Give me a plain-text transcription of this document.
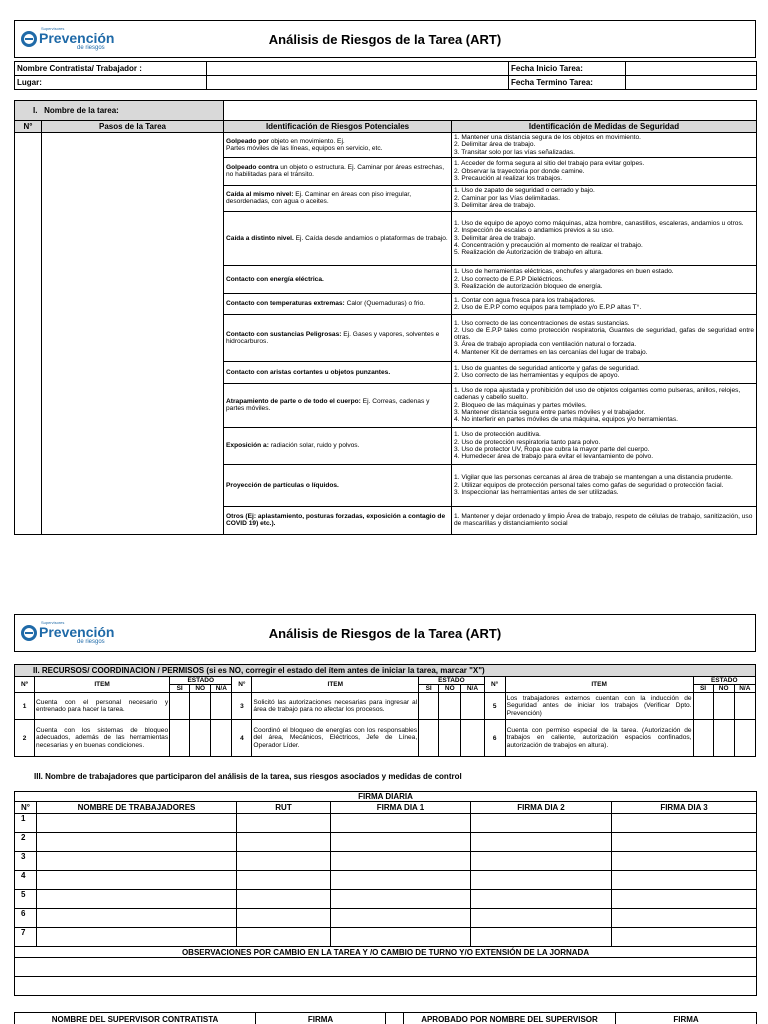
Supervisores
Prevención
de riesgos
Análisis de Riesgos de la Tarea (ART)
Nombre Contratista/ Trabajador :		Fecha Inicio Tarea:	
Lugar:		Fecha Termino Tarea:	
I. Nombre de la tarea:			
N°	Pasos de la Tarea	Identificación de Riesgos Potenciales	Identificación de Medidas de Seguridad
		Golpeado por objeto en movimiento. Ej.
Partes móviles de las líneas, equipos en servicio, etc.	1. Mantener una distancia segura de los objetos en movimiento.
2. Delimitar área de trabajo.
3. Transitar solo por las vías señalizadas.
		Golpeado contra un objeto o estructura. Ej. Caminar por áreas estrechas, no habilitadas para el tránsito.	1. Acceder de forma segura al sitio del trabajo para evitar golpes.
2. Observar la trayectoria por donde camine.
3. Precaución al realizar los trabajos.
		Caída al mismo nivel: Ej. Caminar en áreas con piso irregular, desordenadas, con agua o aceites.	1. Uso de zapato de seguridad o cerrado y bajo.
2. Caminar por las Vías delimitadas.
3. Delimitar área de trabajo.
		Caída a distinto nivel. Ej. Caída desde andamios o plataformas de trabajo.	1. Uso de equipo de apoyo como máquinas, alza hombre, canastillos, escaleras, andamios u otros.
2. Inspección de escalas o andamios previos a su uso.
3. Delimitar área de trabajo.
4. Concentración y precaución al momento de realizar el trabajo.
5. Realización de Autorización de trabajo en altura.
		Contacto con energía eléctrica.	1. Uso de herramientas eléctricas, enchufes y alargadores en buen estado.
2. Uso correcto de E.P.P Dieléctricos.
3. Realización de autorización bloqueo de energía.
		Contacto con temperaturas extremas: Calor (Quemaduras) o frio.	1. Contar con agua fresca para los trabajadores.
2. Uso de E.P.P como equipos para templado y/o E.P.P altas T°.
		Contacto con sustancias Peligrosas: Ej. Gases y vapores, solventes e hidrocarburos.	1. Uso correcto de las concentraciones de estas sustancias.
2. Uso de E.P.P tales como protección respiratoria, Guantes de seguridad, gafas de seguridad entre otras.
3. Área de trabajo apropiada con ventilación natural o forzada.
4. Mantener Kit de derrames en las cercanías del lugar de trabajo.
		Contacto con aristas cortantes u objetos punzantes.	1. Uso de guantes de seguridad anticorte y gafas de seguridad.
2. Uso correcto de las herramientas y equipos de apoyo.
		Atrapamiento de parte o de todo el cuerpo: Ej. Correas, cadenas y partes móviles.	1. Uso de ropa ajustada y prohibición del uso de objetos colgantes como pulseras, anillos, relojes, cadenas y cabello suelto.
2. Bloqueo de las máquinas y partes móviles.
3. Mantener distancia segura entre partes móviles y el trabajador.
4. No interferir en partes móviles de una máquina, equipos y/o herramientas.
		Exposición a: radiación solar, ruido y polvos.	1. Uso de protección auditiva.
2. Uso de protección respiratoria tanto para polvo.
3. Uso de protector UV, Ropa que cubra la mayor parte del cuerpo.
4. Humedecer área de trabajo para evitar el levantamiento de polvo.
		Proyección de partículas o líquidos.	1. Vigilar que las personas cercanas al área de trabajo se mantengan a una distancia prudente.
2. Utilizar equipos de protección personal tales como gafas de seguridad o protección facial.
3. Inspeccionar las herramientas antes de ser utilizadas.
		Otros (Ej: aplastamiento, posturas forzadas, exposición a contagio de COVID 19) etc.).	1. Mantener y dejar ordenado y limpio Área de trabajo, respeto de células de trabajo, sanitización, uso de mascarillas y distanciamiento social
Supervisores
Prevención
de riesgos
Análisis de Riesgos de la Tarea (ART)
II. RECURSOS/ COORDINACION / PERMISOS (si es NO, corregir el estado del ítem antes de iniciar la tarea, marcar "X")														
Nº	ITEM	ESTADO			N°	ITEM	ESTADO			N°	ITEM	ESTADO		
		SI	NO	N/A			SI	NO	N/A			SI	NO	N/A
1	Cuenta con el personal necesario y entrenado para hacer la tarea.				3	Solicitó las autorizaciones necesarias para ingresar al área de trabajo para no afectar los procesos.				5	Los trabajadores externos cuentan con la inducción de Seguridad antes de iniciar los trabajos (Verificar Dpto. Prevención)			
2	Cuenta con los sistemas de bloqueo adecuados, además de las herramientas necesarias y en buenas condiciones.				4	Coordinó el bloqueo de energías con los responsables del área, Mecánicos, Eléctricos, Jefe de Línea, Operador Líder.				6	Cuenta con permiso especial de la tarea. (Autorización de trabajos en caliente, autorización espacios confinados, autorización de trabajos en altura).			
III. Nombre de trabajadores que participaron del análisis de la tarea, sus riesgos asociados y medidas de control
FIRMA DIARIA					
N°	NOMBRE DE TRABAJADORES	RUT	FIRMA DIA 1	FIRMA DIA 2	FIRMA DIA 3
1					
2					
3					
4					
5					
6					
7					
OBSERVACIONES POR CAMBIO EN LA TAREA Y /O CAMBIO DE TURNO Y/O EXTENSIÓN DE LA JORNADA					

NOMBRE DEL SUPERVISOR CONTRATISTA	FIRMA		APROBADO POR NOMBRE DEL SUPERVISOR	FIRMA
